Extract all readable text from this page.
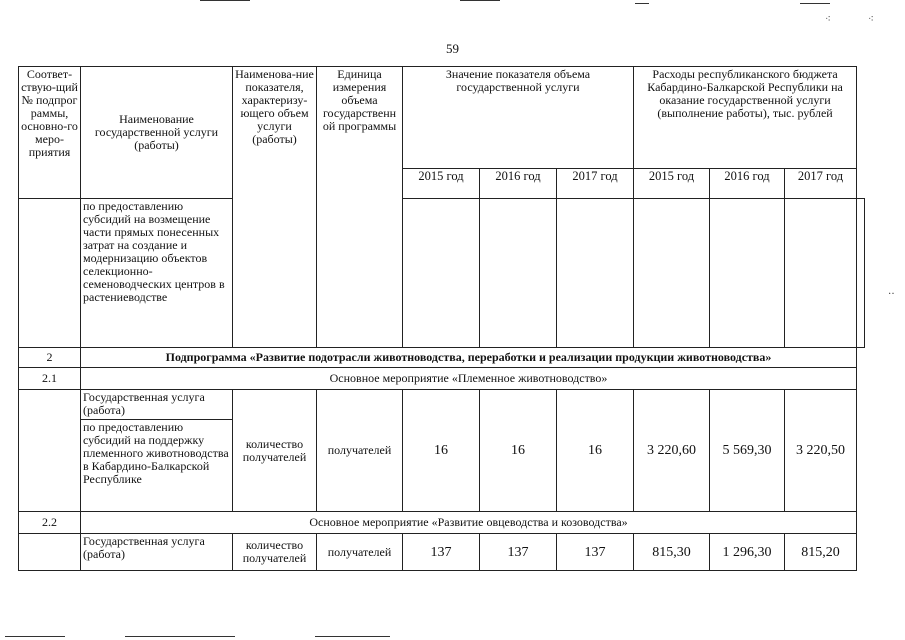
⁖	⁖
‥
59
Соответ-ствую-щий № подпрог раммы, основно-го меро-приятия	Наименование государственной услуги (работы)	Наименова-ние показателя, характеризу-ющего объем услуги (работы)	Единица измерения объема государственн ой программы	Значение показателя объема государственной услуги			Расходы республиканского бюджета Кабардино-Балкарской Республики на оказание государственной услуги (выполнение работы), тыс. рублей			
				2015 год	2016 год	2017 год	2015 год	2016 год	2017 год	
	по предоставлению субсидий на возмещение части прямых понесенных затрат на создание и модернизацию объектов селекционно-семеноводческих центров в растениеводстве									
2	Подпрограмма «Развитие подотрасли животноводства, переработки и реализации продукции животноводства»									
2.1	Основное мероприятие «Племенное животноводство»									
	Государственная услуга (работа)	количество получателей	получателей	16	16	16	3 220,60	5 569,30	3 220,50	
	по предоставлению субсидий на поддержку племенного животноводства в Кабардино-Балкарской Республике									
2.2	Основное мероприятие «Развитие овцеводства и козоводства»									
	Государственная услуга (работа)	количество получателей	получателей	137	137	137	815,30	1 296,30	815,20	
